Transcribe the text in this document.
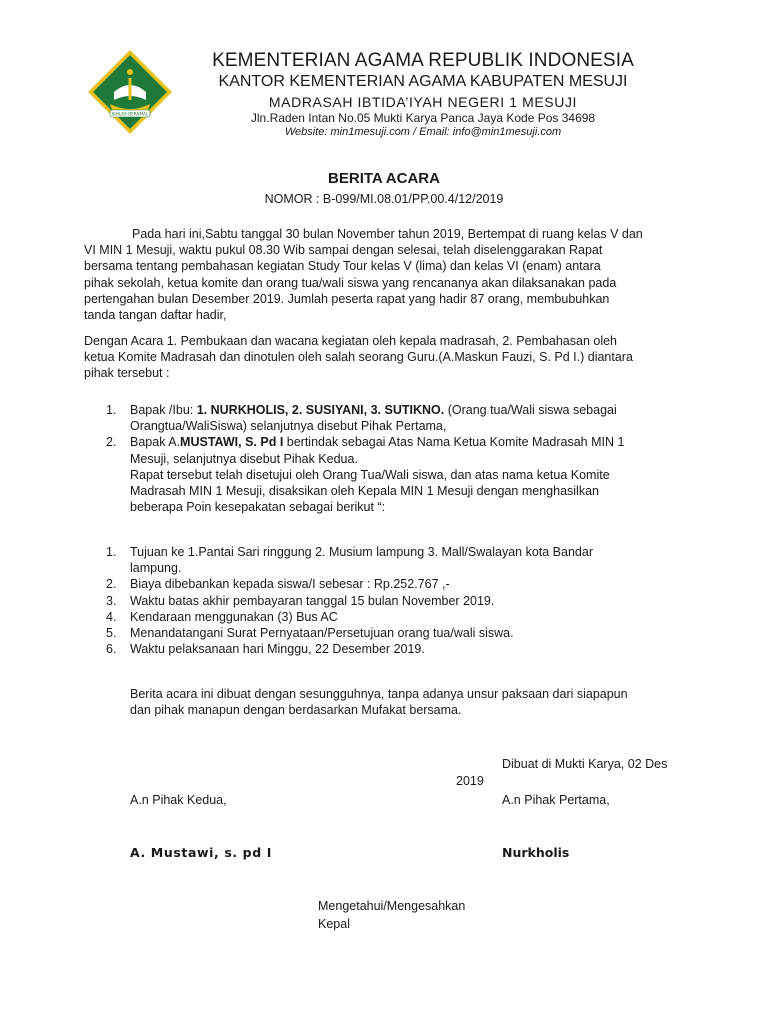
IKHLAS BERAMAL
KEMENTERIAN AGAMA REPUBLIK INDONESIA
KANTOR KEMENTERIAN AGAMA KABUPATEN MESUJI
MADRASAH IBTIDA’IYAH NEGERI 1 MESUJI
Jln.Raden Intan No.05 Mukti Karya Panca Jaya Kode Pos 34698
Website: min1mesuji.com / Email: info@min1mesuji.com
BERITA ACARA
NOMOR : B-099/MI.08.01/PP.00.4/12/2019
Pada hari ini,Sabtu tanggal 30 bulan November tahun 2019, Bertempat di ruang kelas V dan
VI MIN 1 Mesuji, waktu pukul 08.30 Wib sampai dengan selesai, telah diselenggarakan Rapat
bersama tentang pembahasan kegiatan Study Tour kelas V (lima) dan kelas VI (enam) antara
pihak sekolah, ketua komite dan orang tua/wali siswa yang rencananya akan dilaksanakan pada
pertengahan bulan Desember 2019. Jumlah peserta rapat yang hadir 87 orang, membubuhkan
tanda tangan daftar hadir,
Dengan Acara 1. Pembukaan dan wacana kegiatan oleh kepala madrasah, 2. Pembahasan oleh
ketua Komite Madrasah dan dinotulen oleh salah seorang Guru.(A.Maskun Fauzi, S. Pd I.) diantara
pihak tersebut :
1. Bapak /Ibu: 1. NURKHOLIS, 2. SUSIYANI, 3. SUTIKNO. (Orang tua/Wali siswa sebagai
Orangtua/WaliSiswa) selanjutnya disebut Pihak Pertama,
2. Bapak A.MUSTAWI, S. Pd I bertindak sebagai Atas Nama Ketua Komite Madrasah MIN 1
Mesuji, selanjutnya disebut Pihak Kedua.
Rapat tersebut telah disetujui oleh Orang Tua/Wali siswa, dan atas nama ketua Komite
Madrasah MIN 1 Mesuji, disaksikan oleh Kepala MIN 1 Mesuji dengan menghasilkan
beberapa Poin kesepakatan sebagai berikut “:
1. Tujuan ke 1.Pantai Sari ringgung 2. Musium lampung 3. Mall/Swalayan kota Bandar
lampung.
2. Biaya dibebankan kepada siswa/I sebesar : Rp.252.767 ,-
3. Waktu batas akhir pembayaran tanggal 15 bulan November 2019.
4. Kendaraan menggunakan (3) Bus AC
5. Menandatangani Surat Pernyataan/Persetujuan orang tua/wali siswa.
6. Waktu pelaksanaan hari Minggu, 22 Desember 2019.
Berita acara ini dibuat dengan sesungguhnya, tanpa adanya unsur paksaan dari siapapun
dan pihak manapun dengan berdasarkan Mufakat bersama.
Dibuat di Mukti Karya, 02 Des
2019
A.n Pihak Kedua,	A.n Pihak Pertama,
A. Mustawi, s. pd I	Nurkholis
Mengetahui/Mengesahkan
Kepal
